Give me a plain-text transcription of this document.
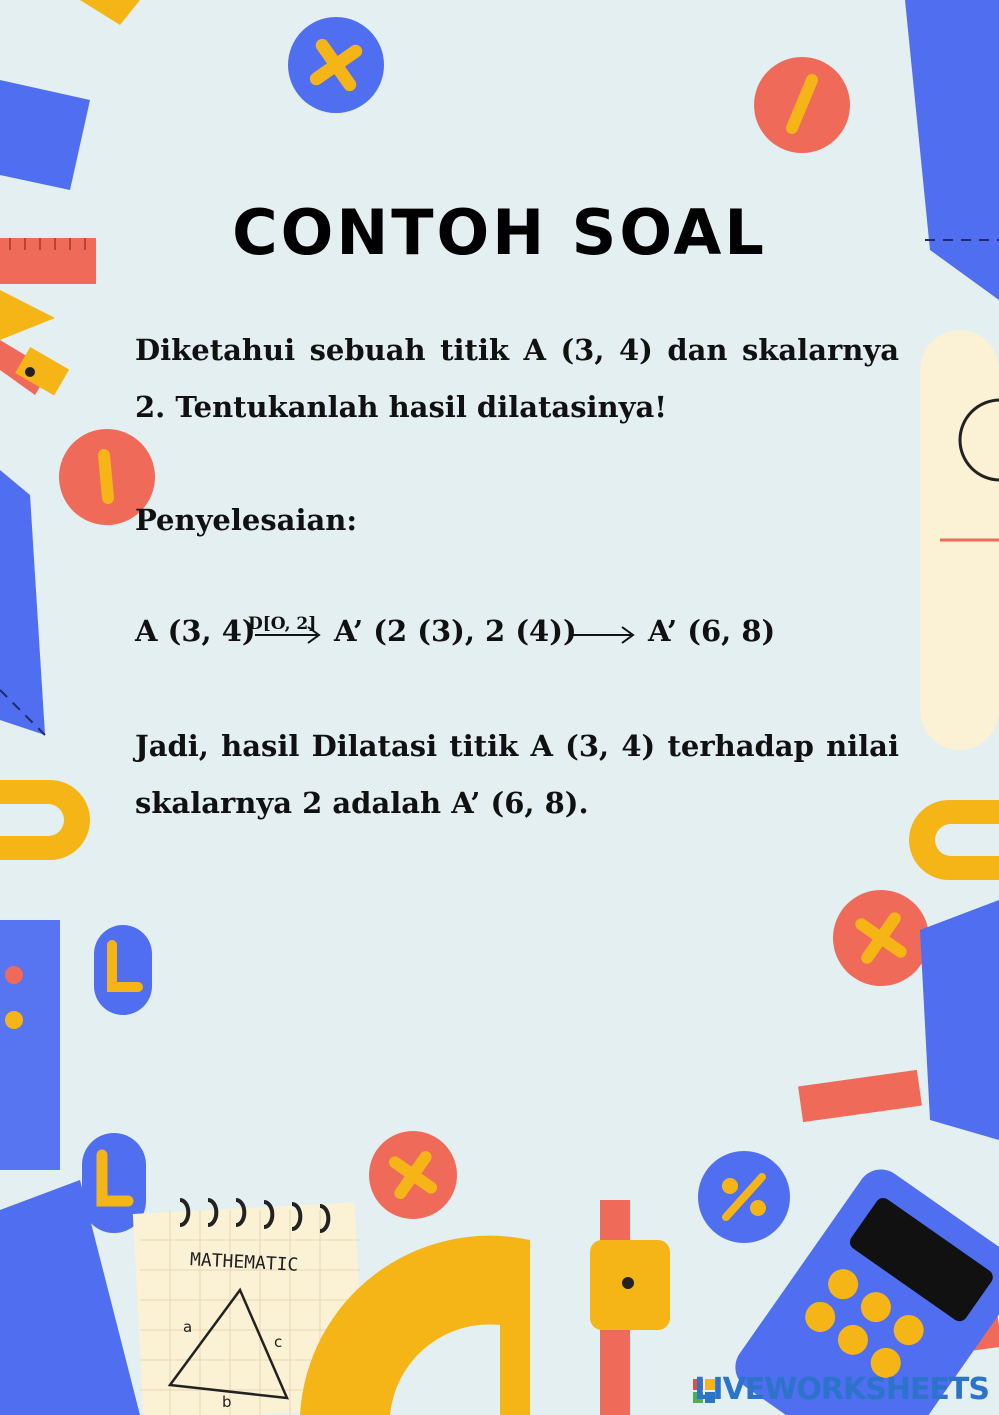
MATHEMATIC
a
c
b
CONTOH SOAL

Diketahui sebuah titik A (3, 4) dan skalarnya 2. Tentukanlah hasil dilatasinya!

Penyelesaian:

A (3, 4)
D[O, 2] A’ (2 (3), 2 (4)) A’ (6, 8)

Jadi, hasil Dilatasi titik A (3, 4) terhadap nilai skalarnya 2 adalah A’ (6, 8).

LIVEWORKSHEETS
